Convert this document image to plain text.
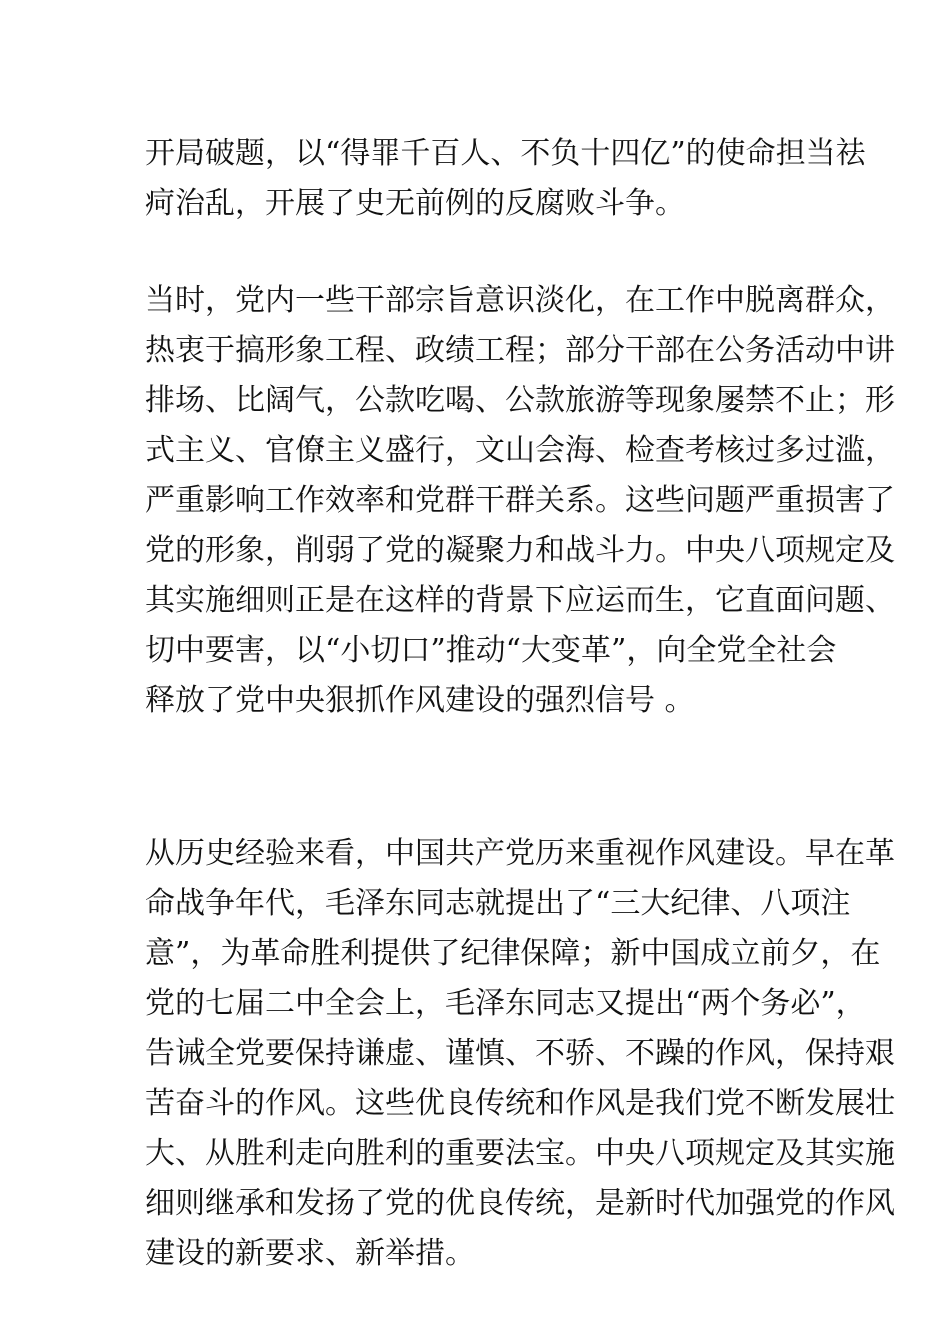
开局破题，以“得罪千百人、不负十四亿”的使命担当祛
疴治乱，开展了史无前例的反腐败斗争。
当时，党内一些干部宗旨意识淡化，在工作中脱离群众，
热衷于搞形象工程、政绩工程；部分干部在公务活动中讲
排场、比阔气，公款吃喝、公款旅游等现象屡禁不止；形
式主义、官僚主义盛行，文山会海、检查考核过多过滥，
严重影响工作效率和党群干群关系。这些问题严重损害了
党的形象，削弱了党的凝聚力和战斗力。中央八项规定及
其实施细则正是在这样的背景下应运而生，它直面问题、
切中要害，以“小切口”推动“大变革”，向全党全社会
释放了党中央狠抓作风建设的强烈信号 。
从历史经验来看，中国共产党历来重视作风建设。早在革
命战争年代，毛泽东同志就提出了“三大纪律、八项注
意”，为革命胜利提供了纪律保障；新中国成立前夕，在
党的七届二中全会上，毛泽东同志又提出“两个务必”，
告诫全党要保持谦虚、谨慎、不骄、不躁的作风，保持艰
苦奋斗的作风。这些优良传统和作风是我们党不断发展壮
大、从胜利走向胜利的重要法宝。中央八项规定及其实施
细则继承和发扬了党的优良传统，是新时代加强党的作风
建设的新要求、新举措。
